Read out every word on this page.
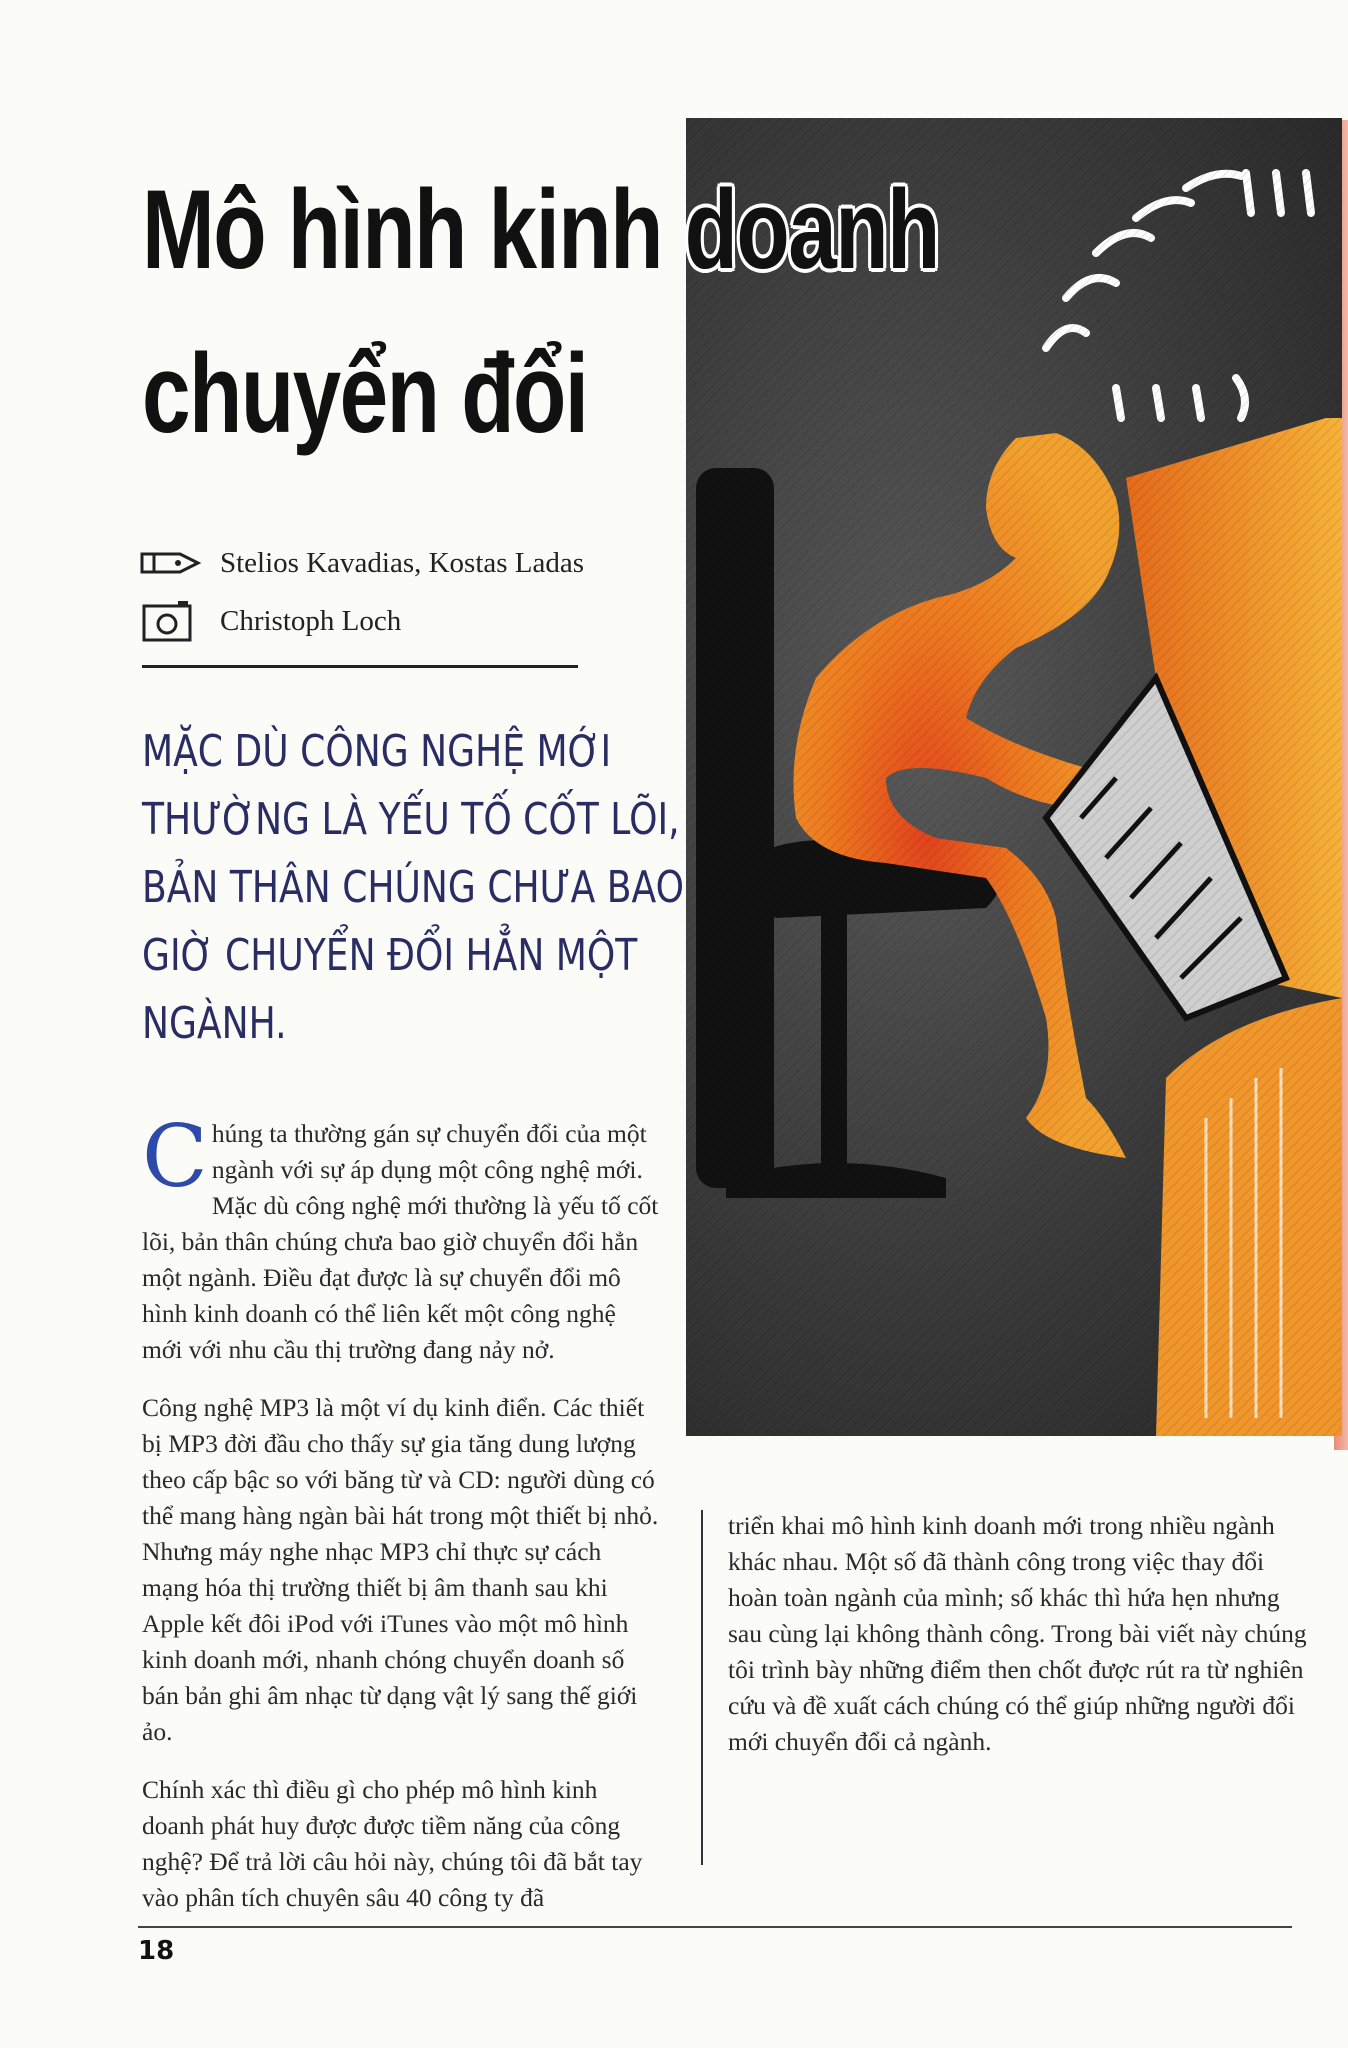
Mô hình kinh doanh
chuyển đổi
Stelios Kavadias, Kostas Ladas
Christoph Loch

MẶC DÙ CÔNG NGHỆ MỚI THƯỜNG LÀ YẾU TỐ CỐT LÕI, BẢN THÂN CHÚNG CHƯA BAO GIỜ CHUYỂN ĐỔI HẲN MỘT NGÀNH.

Chúng ta thường gán sự chuyển đổi của một ngành với sự áp dụng một công nghệ mới. Mặc dù công nghệ mới thường là yếu tố cốt lõi, bản thân chúng chưa bao giờ chuyển đổi hẳn một ngành. Điều đạt được là sự chuyển đổi mô hình kinh doanh có thể liên kết một công nghệ mới với nhu cầu thị trường đang nảy nở.

Công nghệ MP3 là một ví dụ kinh điển. Các thiết bị MP3 đời đầu cho thấy sự gia tăng dung lượng theo cấp bậc so với băng từ và CD: người dùng có thể mang hàng ngàn bài hát trong một thiết bị nhỏ. Nhưng máy nghe nhạc MP3 chỉ thực sự cách mạng hóa thị trường thiết bị âm thanh sau khi Apple kết đôi iPod với iTunes vào một mô hình kinh doanh mới, nhanh chóng chuyển doanh số bán bản ghi âm nhạc từ dạng vật lý sang thế giới ảo.

Chính xác thì điều gì cho phép mô hình kinh doanh phát huy được được tiềm năng của công nghệ? Để trả lời câu hỏi này, chúng tôi đã bắt tay vào phân tích chuyên sâu 40 công ty đã

triển khai mô hình kinh doanh mới trong nhiều ngành khác nhau. Một số đã thành công trong việc thay đổi hoàn toàn ngành của mình; số khác thì hứa hẹn nhưng sau cùng lại không thành công. Trong bài viết này chúng tôi trình bày những điểm then chốt được rút ra từ nghiên cứu và đề xuất cách chúng có thể giúp những người đổi mới chuyển đổi cả ngành.

18
